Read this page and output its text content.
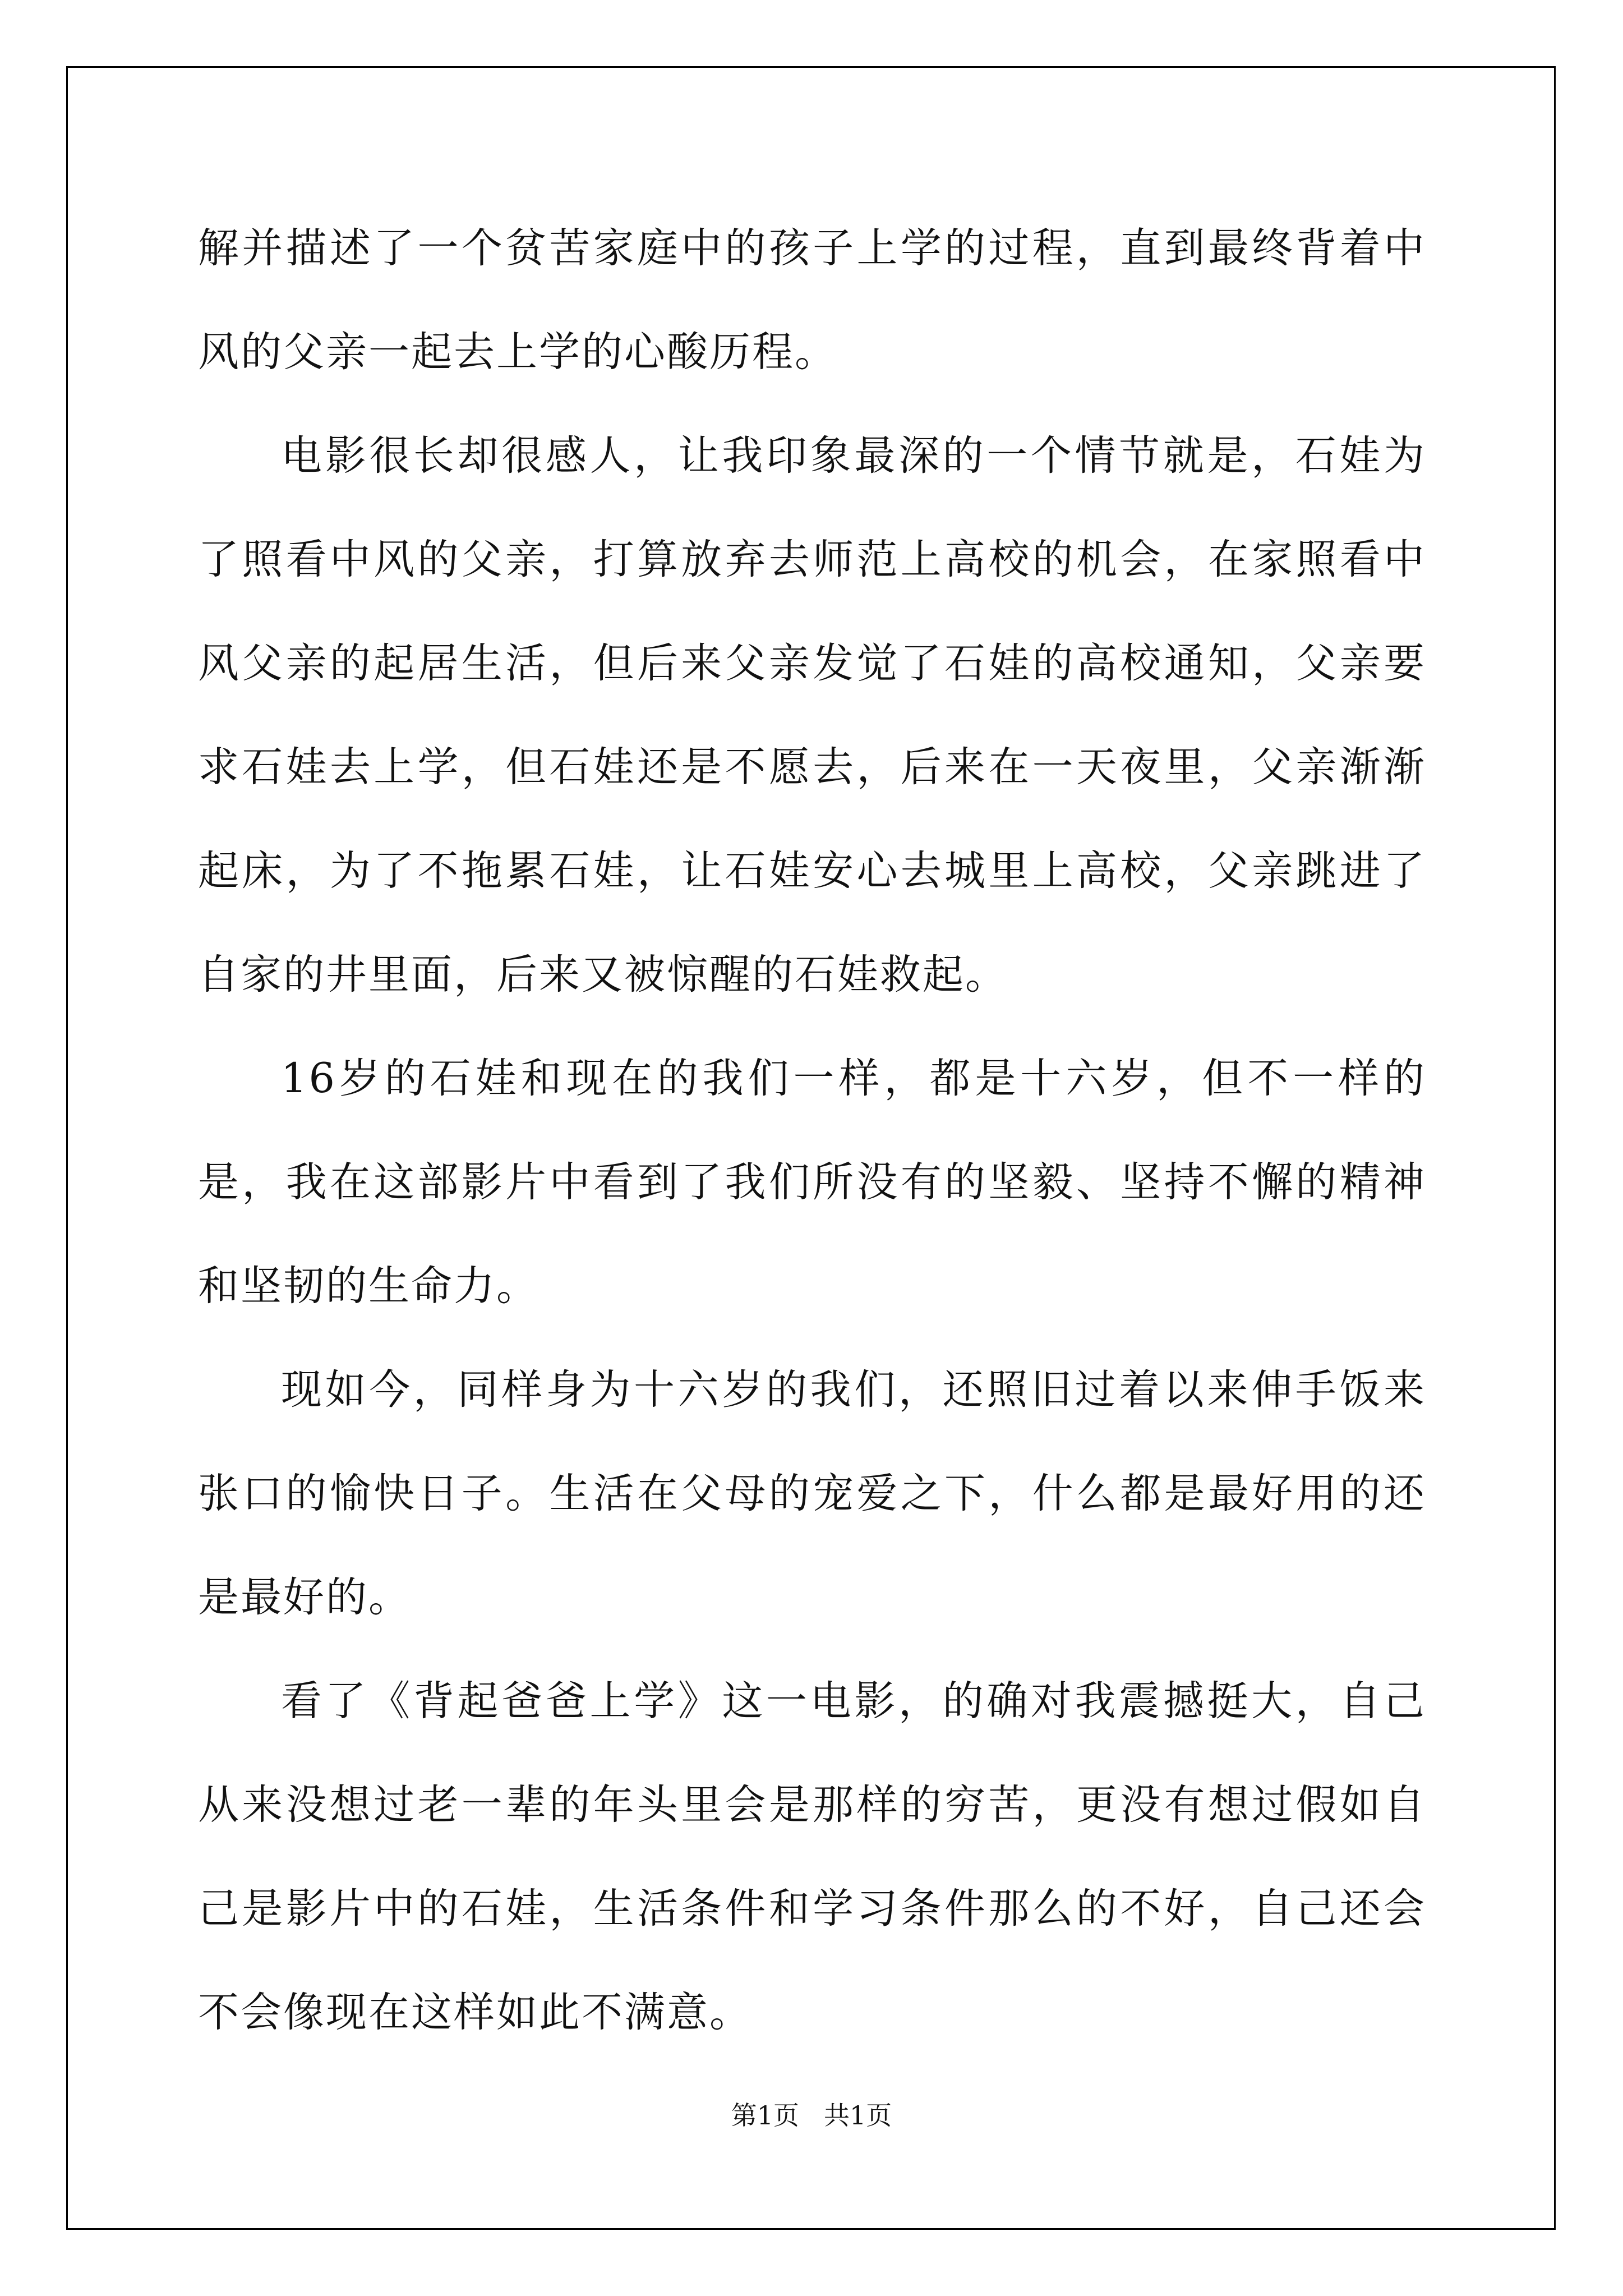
解并描述了一个贫苦家庭中的孩子上学的过程，直到最终背着中风的父亲一起去上学的心酸历程。

电影很长却很感人，让我印象最深的一个情节就是，石娃为了照看中风的父亲，打算放弃去师范上高校的机会，在家照看中风父亲的起居生活，但后来父亲发觉了石娃的高校通知，父亲要求石娃去上学，但石娃还是不愿去，后来在一天夜里，父亲渐渐起床，为了不拖累石娃，让石娃安心去城里上高校，父亲跳进了自家的井里面，后来又被惊醒的石娃救起。

16岁的石娃和现在的我们一样，都是十六岁，但不一样的是，我在这部影片中看到了我们所没有的坚毅、坚持不懈的精神和坚韧的生命力。

现如今，同样身为十六岁的我们，还照旧过着以来伸手饭来张口的愉快日子。生活在父母的宠爱之下，什么都是最好用的还是最好的。

看了《背起爸爸上学》这一电影，的确对我震撼挺大，自己从来没想过老一辈的年头里会是那样的穷苦，更没有想过假如自己是影片中的石娃，生活条件和学习条件那么的不好，自己还会不会像现在这样如此不满意。

第1页 共1页
